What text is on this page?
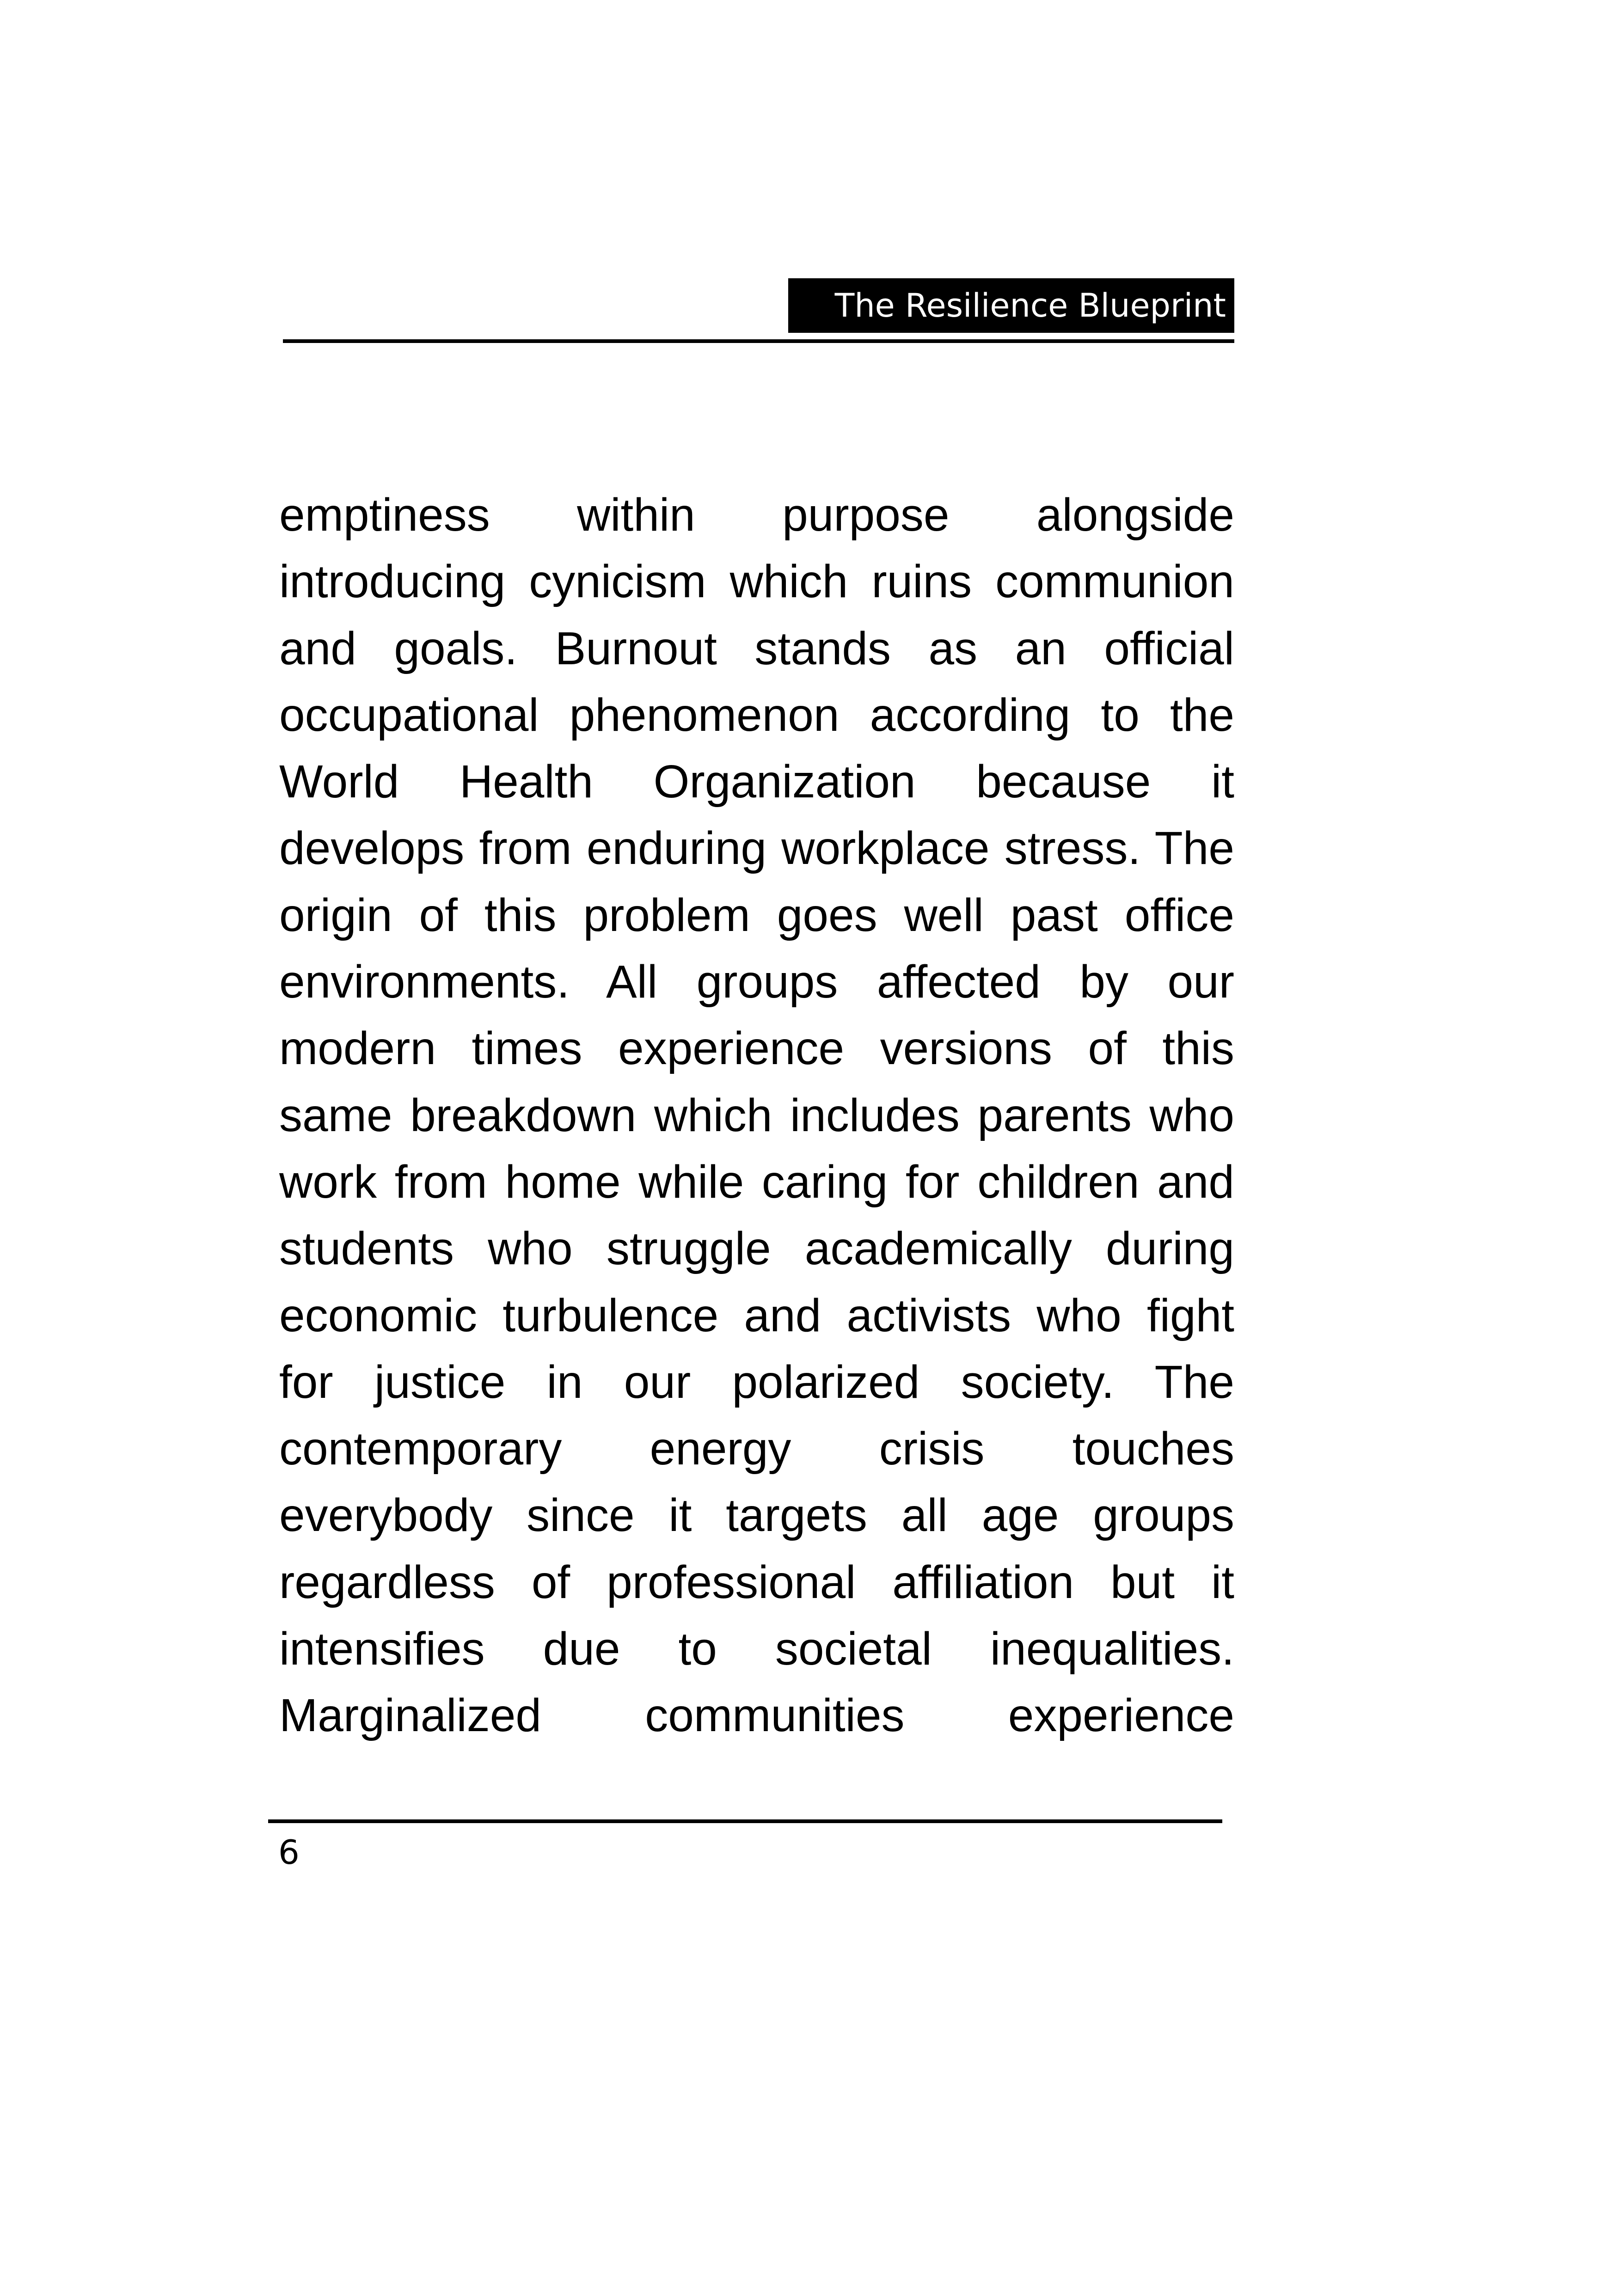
The Resilience Blueprint
emptiness within purpose alongside
introducing cynicism which ruins communion
and goals. Burnout stands as an official
occupational phenomenon according to the
World Health Organization because it
develops from enduring workplace stress. The
origin of this problem goes well past office
environments. All groups affected by our
modern times experience versions of this
same breakdown which includes parents who
work from home while caring for children and
students who struggle academically during
economic turbulence and activists who fight
for justice in our polarized society. The
contemporary energy crisis touches
everybody since it targets all age groups
regardless of professional affiliation but it
intensifies due to societal inequalities.
Marginalized communities experience
6
